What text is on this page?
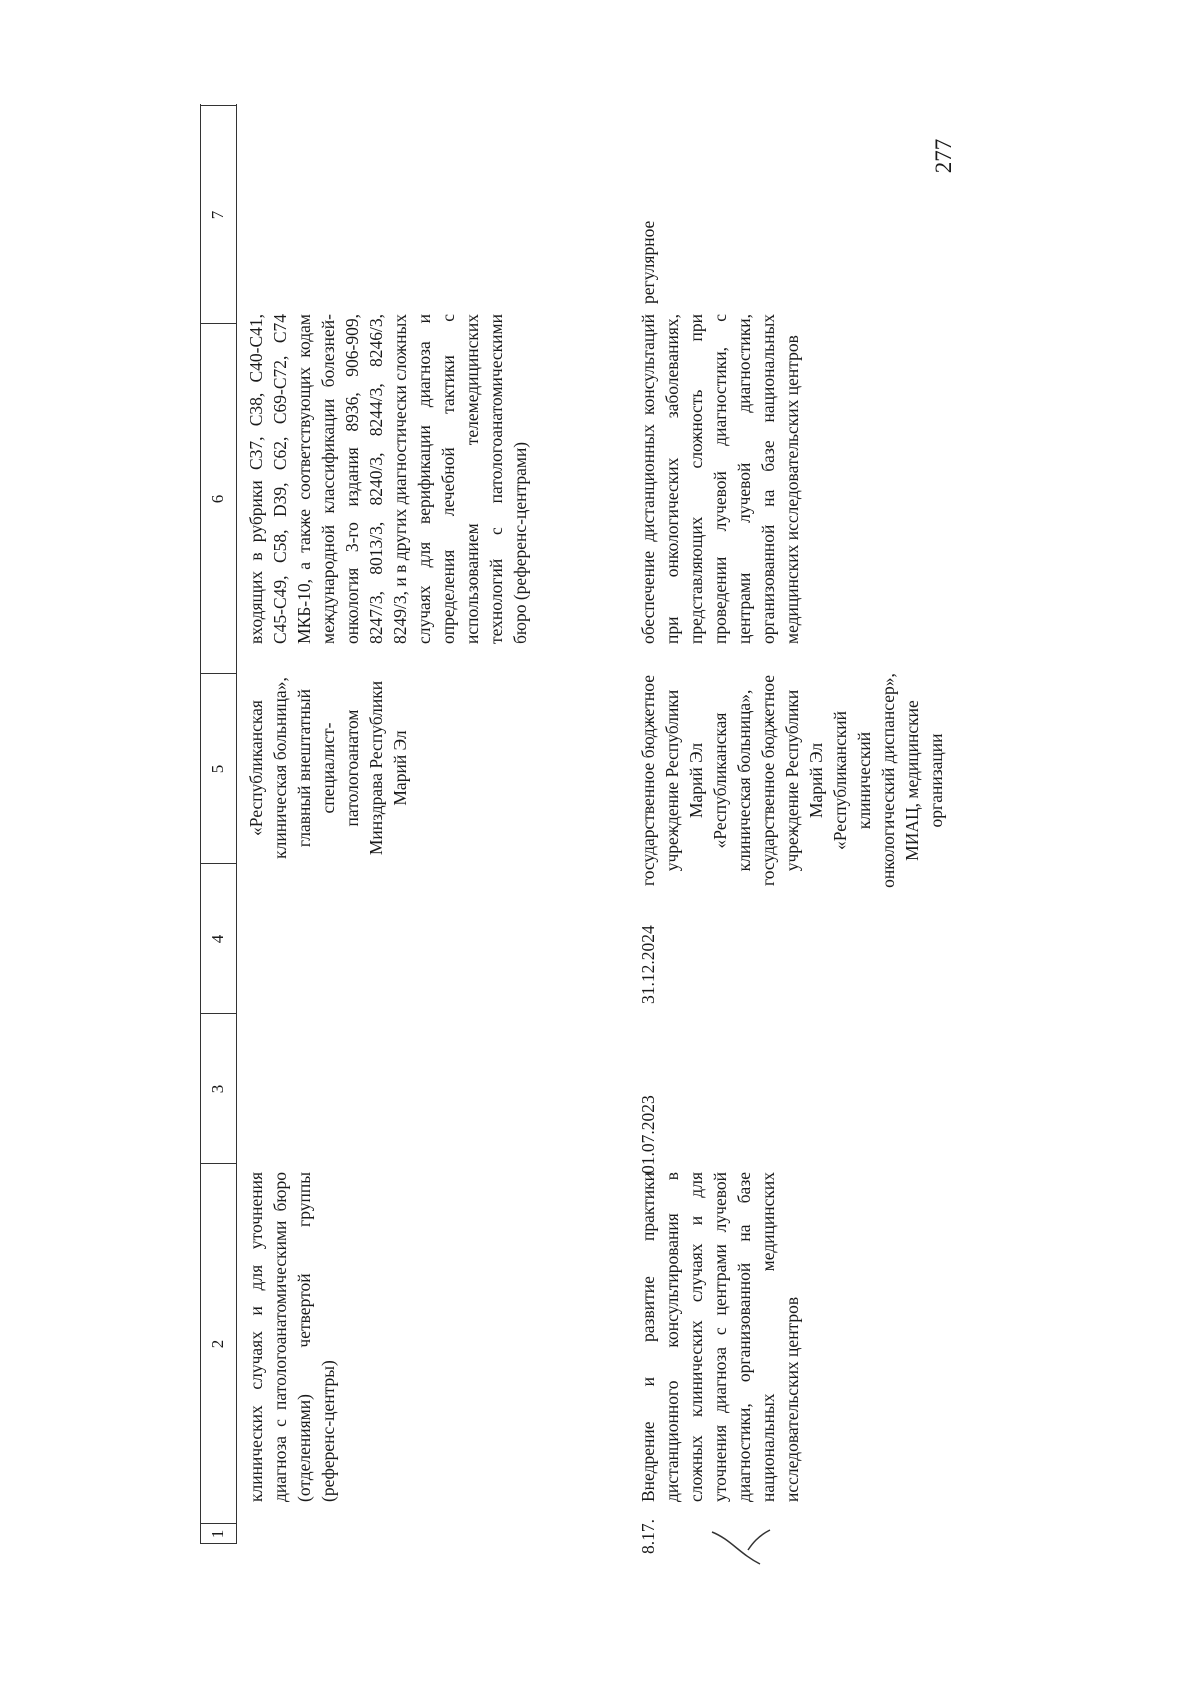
277
1
2
3
4
5
6
7
клинических случаях и для уточнения диагноза с патологоанатомическими бюро (отделениями) четвертой группы (референс-центры)
«Республиканская клиническая больница», главный внештатный специалист-патологоанатом Минздрава Республики Марий Эл
входящих в рубрики C37, C38, C40-C41, C45-C49, C58, D39, C62, C69-C72, C74 МКБ-10, а также соответствующих кодам международной классификации болезней-онкология 3-го издания 8936, 906-909, 8247/3, 8013/3, 8240/3, 8244/3, 8246/3, 8249/3, и в других диагностически сложных случаях для верификации диагноза и определения лечебной тактики с использованием телемедицинских технологий с патологоанатомическими бюро (референс-центрами)
8.17.
Внедрение и развитие практики дистанционного консультирования в сложных клинических случаях и для уточнения диагноза с центрами лучевой диагностики, организованной на базе национальных медицинских исследовательских центров
01.07.2023
31.12.2024
государственное бюджетное учреждение Республики Марий Эл «Республиканская клиническая больница», государственное бюджетное учреждение Республики Марий Эл «Республиканский клинический онкологический диспансер», МИАЦ, медицинские организации
обеспечение дистанционных консультаций при онкологических заболеваниях, представляющих сложность при проведении лучевой диагностики, с центрами лучевой диагностики, организованной на базе национальных медицинских исследовательских центров
регулярное
